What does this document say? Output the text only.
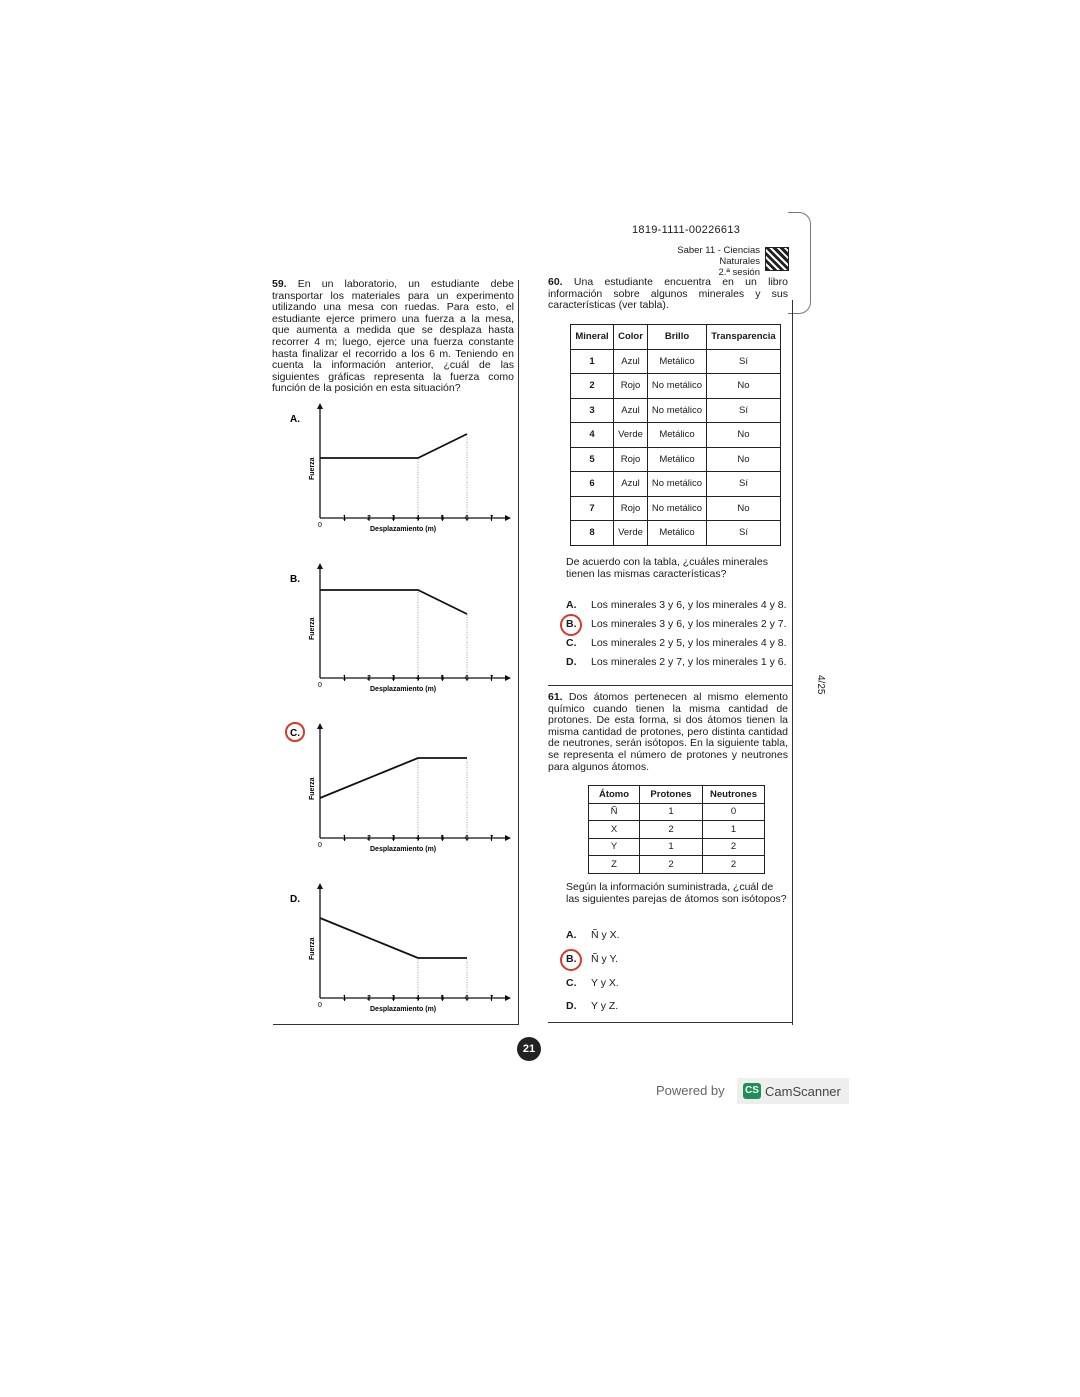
1819-1111-00226613
Saber 11 - Ciencias Naturales
2.ª sesión
4/25
59. En un laboratorio, un estudiante debe transportar los materiales para un experimento utilizando una mesa con ruedas. Para esto, el estudiante ejerce primero una fuerza a la mesa, que aumenta a medida que se desplaza hasta recorrer 4 m; luego, ejerce una fuerza constante hasta finalizar el recorrido a los 6 m. Teniendo en cuenta la información anterior, ¿cuál de las siguientes gráficas representa la fuerza como función de la posición en esta situación?
A.
0
1	2	3	4	5	6	7
Desplazamiento (m)
Fuerza
B.
0
1	2	3	4	5	6	7
Desplazamiento (m)
Fuerza
C.
0
1	2	3	4	5	6	7
Desplazamiento (m)
Fuerza
D.
0
1	2	3	4	5	6	7
Desplazamiento (m)
Fuerza
60. Una estudiante encuentra en un libro información sobre algunos minerales y sus características (ver tabla).
Mineral	Color	Brillo	Transparencia
1	Azul	Metálico	Sí
2	Rojo	No metálico	No
3	Azul	No metálico	Sí
4	Verde	Metálico	No
5	Rojo	Metálico	No
6	Azul	No metálico	Sí
7	Rojo	No metálico	No
8	Verde	Metálico	Sí
De acuerdo con la tabla, ¿cuáles minerales tienen las mismas características?
A. Los minerales 3 y 6, y los minerales 4 y 8.
B. Los minerales 3 y 6, y los minerales 2 y 7.
C. Los minerales 2 y 5, y los minerales 4 y 8.
D. Los minerales 2 y 7, y los minerales 1 y 6.
61. Dos átomos pertenecen al mismo elemento químico cuando tienen la misma cantidad de protones. De esta forma, si dos átomos tienen la misma cantidad de protones, pero distinta cantidad de neutrones, serán isótopos. En la siguiente tabla, se representa el número de protones y neutrones para algunos átomos.
Átomo	Protones	Neutrones
Ñ	1	0
X	2	1
Y	1	2
Z	2	2
Según la información suministrada, ¿cuál de las siguientes parejas de átomos son isótopos?
A. Ñ y X.
B. Ñ y Y.
C. Y y X.
D. Y y Z.
21
Powered by CS CamScanner
